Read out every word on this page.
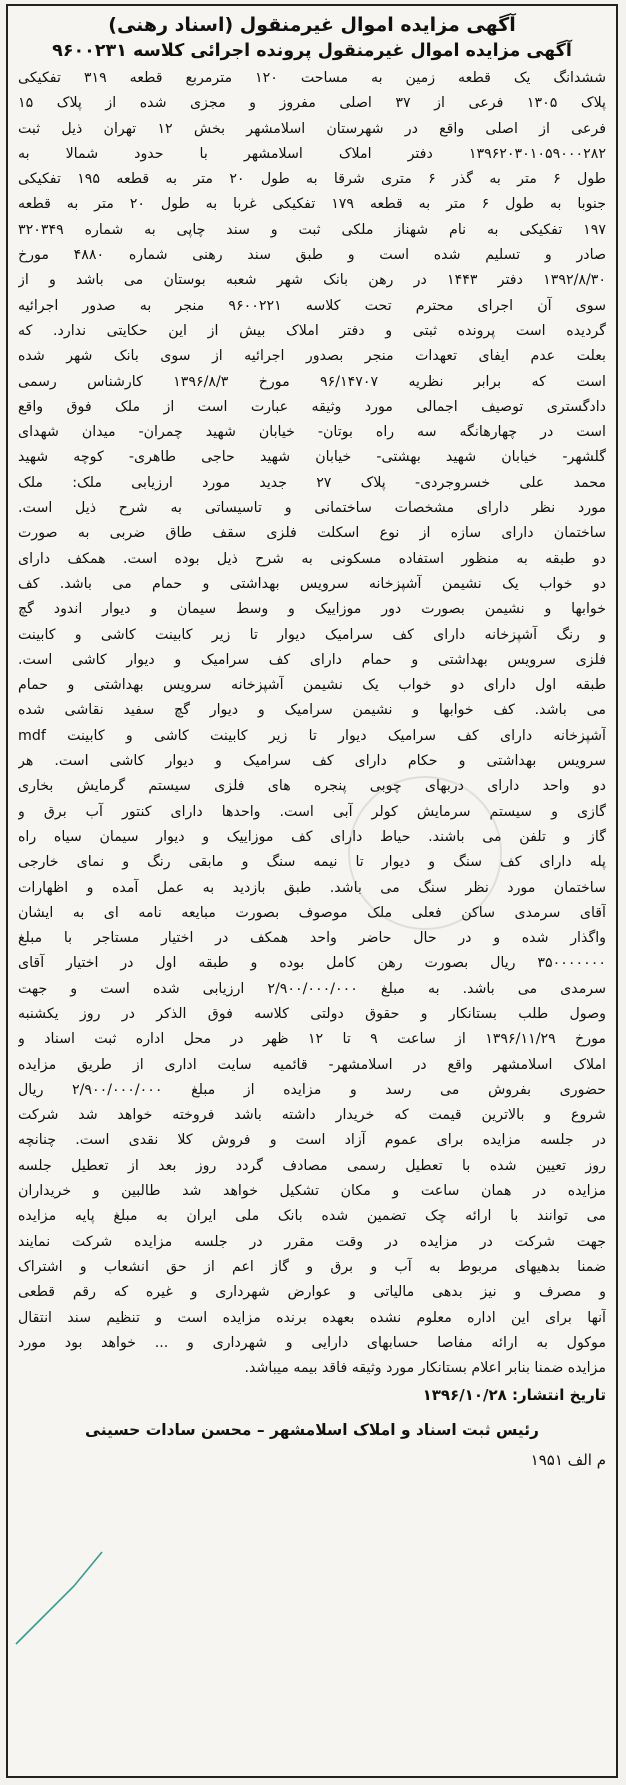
آگهی مزایده اموال غیرمنقول (اسناد رهنی)
آگهی مزایده اموال غیرمنقول پرونده اجرائی کلاسه ۹۶۰۰۲۳۱
ششدانگ یک قطعه زمین به مساحت ۱۲۰ مترمربع قطعه ۳۱۹ تفکیکی
پلاک ۱۳۰۵ فرعی از ۳۷ اصلی مفروز و مجزی شده از پلاک ۱۵
فرعی از اصلی واقع در شهرستان اسلامشهر بخش ۱۲ تهران ذیل ثبت
۱۳۹۶۲۰۳۰۱۰۵۹۰۰۰۲۸۲ دفتر املاک اسلامشهر با حدود شمالا به
طول ۶ متر به گذر ۶ متری شرقا به طول ۲۰ متر به قطعه ۱۹۵ تفکیکی
جنوبا به طول ۶ متر به قطعه ۱۷۹ تفکیکی غربا به طول ۲۰ متر به قطعه
۱۹۷ تفکیکی به نام شهناز ملکی ثبت و سند چاپی به شماره ۳۲۰۳۴۹
صادر و تسلیم شده است و طبق سند رهنی شماره ۴۸۸۰ مورخ
۱۳۹۲/۸/۳۰ دفتر ۱۴۴۳ در رهن بانک شهر شعبه بوستان می باشد و از
سوی آن اجرای محترم تحت کلاسه ۹۶۰۰۲۲۱ منجر به صدور اجرائیه
گردیده است پرونده ثبتی و دفتر املاک بیش از این حکایتی ندارد. که
بعلت عدم ایفای تعهدات منجر بصدور اجرائیه از سوی بانک شهر شده
است که برابر نظریه ۹۶/۱۴۷۰۷ مورخ ۱۳۹۶/۸/۳ کارشناس رسمی
دادگستری توصیف اجمالی مورد وثیقه عبارت است از ملک فوق واقع
است در چهارهانگه سه راه بوتان- خیابان شهید چمران- میدان شهدای
گلشهر- خیابان شهید بهشتی- خیابان شهید حاجی طاهری- کوچه شهید
محمد علی خسروجردی- پلاک ۲۷ جدید مورد ارزیابی ملک: ملک
مورد نظر دارای مشخصات ساختمانی و تاسیساتی به شرح ذیل است.
ساختمان دارای سازه از نوع اسکلت فلزی سقف طاق ضربی به صورت
دو طبقه به منظور استفاده مسکونی به شرح ذیل بوده است. همکف دارای
دو خواب یک نشیمن آشپزخانه سرویس بهداشتی و حمام می باشد. کف
خوابها و نشیمن بصورت دور موزاییک و وسط سیمان و دیوار اندود گچ
و رنگ آشپزخانه دارای کف سرامیک دیوار تا زیر کابینت کاشی و کابینت
فلزی سرویس بهداشتی و حمام دارای کف سرامیک و دیوار کاشی است.
طبقه اول دارای دو خواب یک نشیمن آشپزخانه سرویس بهداشتی و حمام
می باشد. کف خوابها و نشیمن سرامیک و دیوار گچ سفید نقاشی شده
آشپزخانه دارای کف سرامیک دیوار تا زیر کابینت کاشی و کابینت mdf
سرویس بهداشتی و حکام دارای کف سرامیک و دیوار کاشی است. هر
دو واحد دارای دربهای چوبی پنجره های فلزی سیستم گرمایش بخاری
گازی و سیستم سرمایش کولر آبی است. واحدها دارای کنتور آب برق و
گاز و تلفن می باشند. حیاط دارای کف موزاییک و دیوار سیمان سیاه راه
پله دارای کف سنگ و دیوار تا نیمه سنگ و مابقی رنگ و نمای خارجی
ساختمان مورد نظر سنگ می باشد. طبق بازدید به عمل آمده و اظهارات
آقای سرمدی ساکن فعلی ملک موصوف بصورت مبایعه نامه ای به ایشان
واگذار شده و در حال حاضر واحد همکف در اختیار مستاجر با مبلغ
۳۵۰۰۰۰۰۰۰ ریال بصورت رهن کامل بوده و طبقه اول در اختیار آقای
سرمدی می باشد. به مبلغ ۲/۹۰۰/۰۰۰/۰۰۰ ارزیابی شده است و جهت
وصول طلب بستانکار و حقوق دولتی کلاسه فوق الذکر در روز یکشنبه
مورخ ۱۳۹۶/۱۱/۲۹ از ساعت ۹ تا ۱۲ ظهر در محل اداره ثبت اسناد و
املاک اسلامشهر واقع در اسلامشهر- قائمیه سایت اداری از طریق مزایده
حضوری بفروش می رسد و مزایده از مبلغ ۲/۹۰۰/۰۰۰/۰۰۰ ریال
شروع و بالاترین قیمت که خریدار داشته باشد فروخته خواهد شد شرکت
در جلسه مزایده برای عموم آزاد است و فروش کلا نقدی است. چنانچه
روز تعیین شده با تعطیل رسمی مصادف گردد روز بعد از تعطیل جلسه
مزایده در همان ساعت و مکان تشکیل خواهد شد طالبین و خریداران
می توانند با ارائه چک تضمین شده بانک ملی ایران به مبلغ پایه مزایده
جهت شرکت در مزایده در وقت مقرر در جلسه مزایده شرکت نمایند
ضمنا بدهیهای مربوط به آب و برق و گاز اعم از حق انشعاب و اشتراک
و مصرف و نیز بدهی مالیاتی و عوارض شهرداری و غیره که رقم قطعی
آنها برای این اداره معلوم نشده بعهده برنده مزایده است و تنظیم سند انتقال
موکول به ارائه مفاصا حسابهای دارایی و شهرداری و ... خواهد بود مورد
مزایده ضمنا بنابر اعلام بستانکار مورد وثیقه فاقد بیمه میباشد.

تاریخ انتشار: ۱۳۹۶/۱۰/۲۸

رئیس ثبت اسناد و املاک اسلامشهر – محسن سادات حسینی

م الف ۱۹۵۱
